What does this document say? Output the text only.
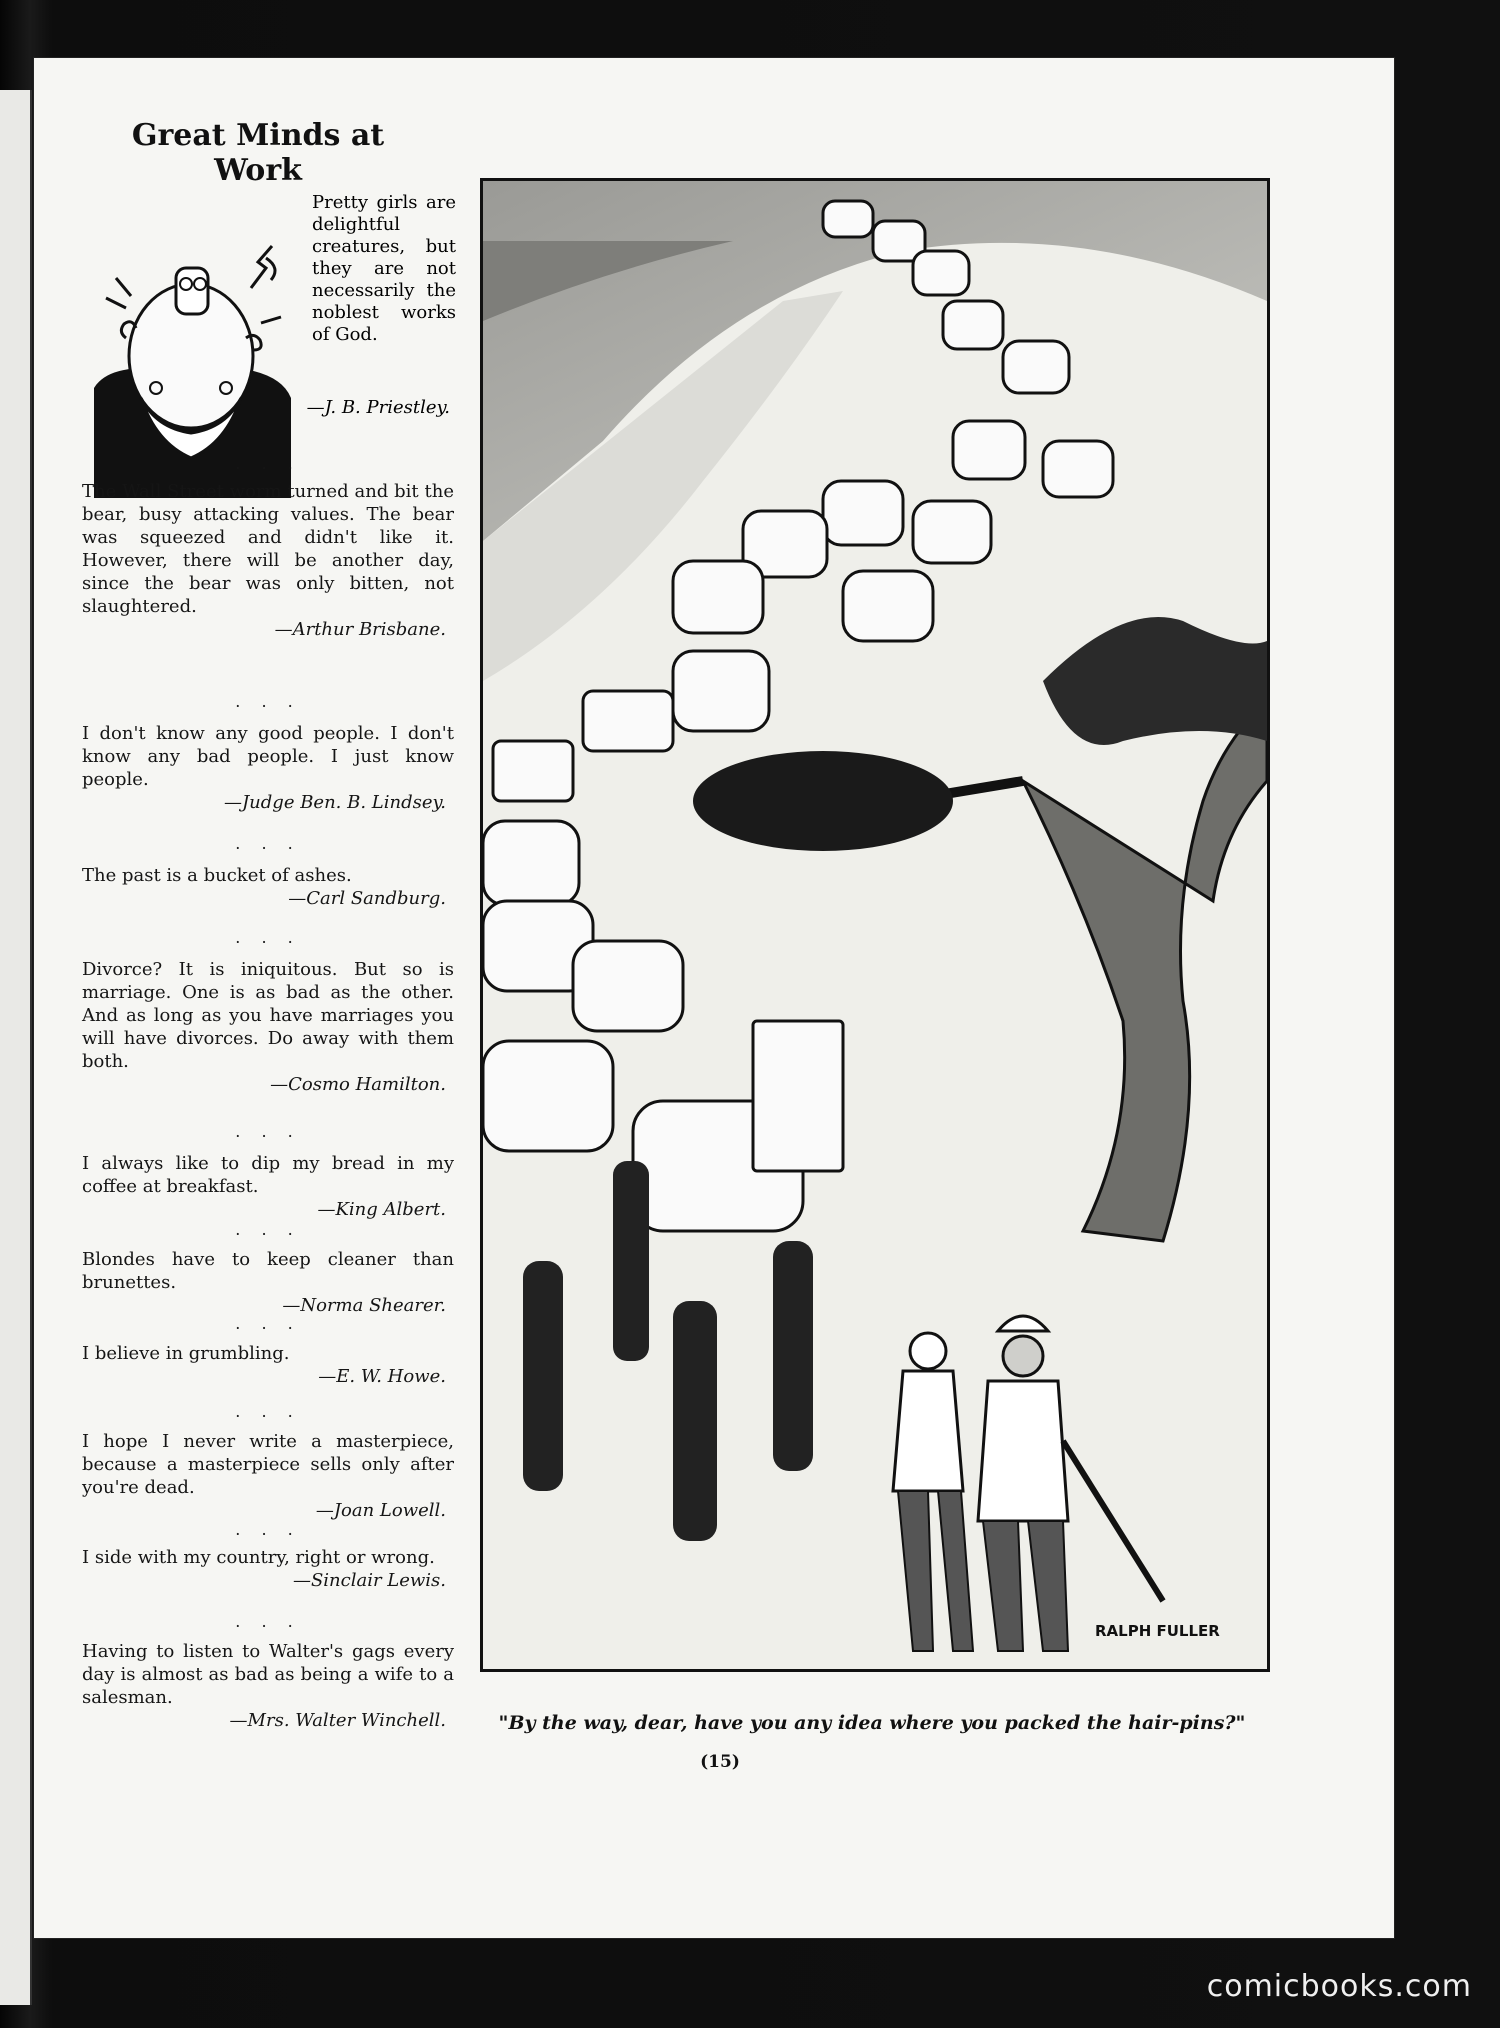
Great Minds at Work

Pretty girls are delightful creatures, but they are not necessarily the noblest works of God.

—J. B. Priestley.

. . .

The Wall Street worm turned and bit the bear, busy attacking values. The bear was squeezed and didn't like it. However, there will be another day, since the bear was only bitten, not slaughtered.

—Arthur Brisbane.

. . .

I don't know any good people. I don't know any bad people. I just know people.

—Judge Ben. B. Lindsey.

. . .

The past is a bucket of ashes.

—Carl Sandburg.

. . .

Divorce? It is iniquitous. But so is marriage. One is as bad as the other. And as long as you have marriages you will have divorces. Do away with them both.

—Cosmo Hamilton.

. . .

I always like to dip my bread in my coffee at breakfast.

—King Albert.

. . .

Blondes have to keep cleaner than brunettes.

—Norma Shearer.

. . .

I believe in grumbling.

—E. W. Howe.

. . .

I hope I never write a masterpiece, because a masterpiece sells only after you're dead.

—Joan Lowell.

. . .

I side with my country, right or wrong.

—Sinclair Lewis.

. . .

Having to listen to Walter's gags every day is almost as bad as being a wife to a salesman.

—Mrs. Walter Winchell.

RALPH FULLER

"By the way, dear, have you any idea where you packed the hair-pins?"

(15)

comicbooks.com
